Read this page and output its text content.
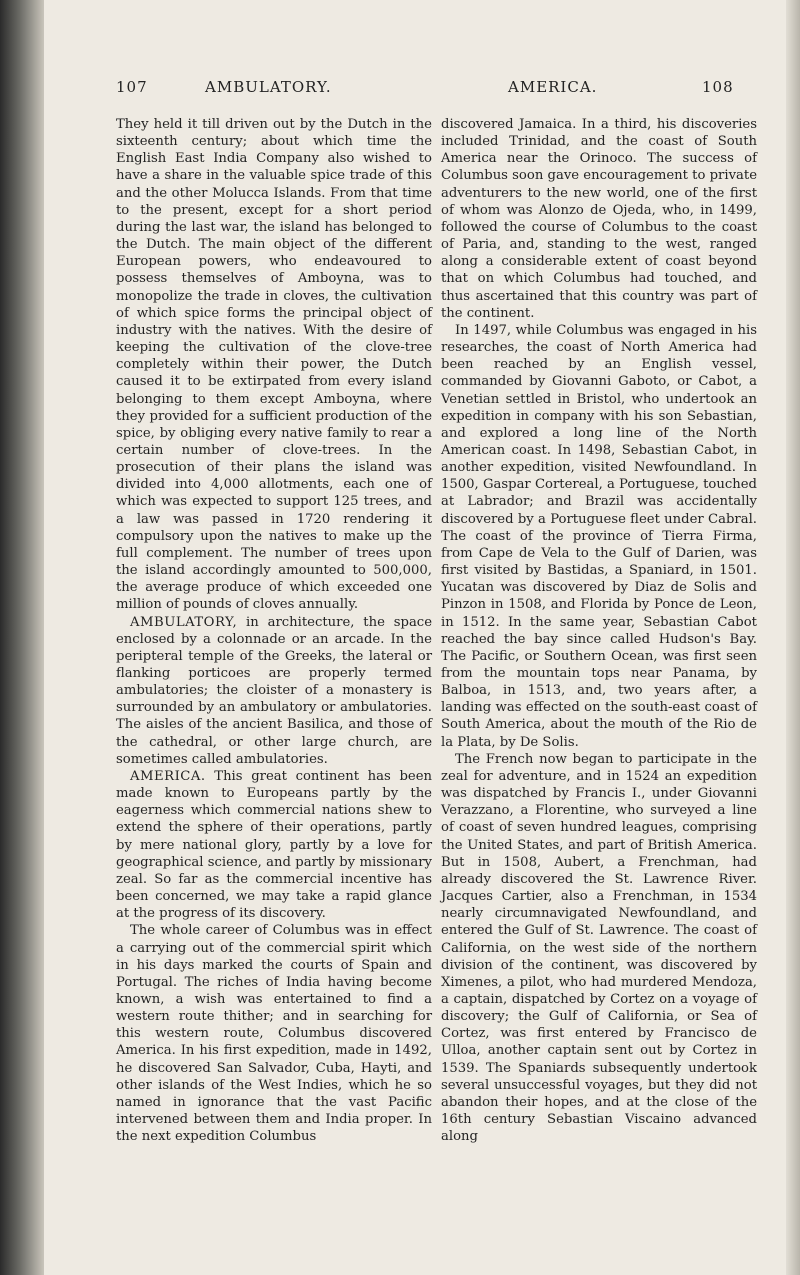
107	AMBULATORY.	AMERICA.	108

They held it till driven out by the Dutch in the sixteenth century; about which time the English East India Company also wished to have a share in the valuable spice trade of this and the other Molucca Islands. From that time to the present, except for a short period during the last war, the island has belonged to the Dutch. The main object of the different European powers, who endeavoured to possess themselves of Amboyna, was to monopolize the trade in cloves, the cultivation of which spice forms the principal object of industry with the natives. With the desire of keeping the cultivation of the clove-tree completely within their power, the Dutch caused it to be extirpated from every island belonging to them except Amboyna, where they provided for a sufficient production of the spice, by obliging every native family to rear a certain number of clove-trees. In the prosecution of their plans the island was divided into 4,000 allotments, each one of which was expected to support 125 trees, and a law was passed in 1720 rendering it compulsory upon the natives to make up the full complement. The number of trees upon the island accordingly amounted to 500,000, the average produce of which exceeded one million of pounds of cloves annually.

AMBULATORY, in architecture, the space enclosed by a colonnade or an arcade. In the peripteral temple of the Greeks, the lateral or flanking porticoes are properly termed ambulatories; the cloister of a monastery is surrounded by an ambulatory or ambulatories. The aisles of the ancient Basilica, and those of the cathedral, or other large church, are sometimes called ambulatories.

AMERICA. This great continent has been made known to Europeans partly by the eagerness which commercial nations shew to extend the sphere of their operations, partly by mere national glory, partly by a love for geographical science, and partly by missionary zeal. So far as the commercial incentive has been concerned, we may take a rapid glance at the progress of its discovery.

The whole career of Columbus was in effect a carrying out of the commercial spirit which in his days marked the courts of Spain and Portugal. The riches of India having become known, a wish was entertained to find a western route thither; and in searching for this western route, Columbus discovered America. In his first expedition, made in 1492, he discovered San Salvador, Cuba, Hayti, and other islands of the West Indies, which he so named in ignorance that the vast Pacific intervened between them and India proper. In the next expedition Columbus

discovered Jamaica. In a third, his discoveries included Trinidad, and the coast of South America near the Orinoco. The success of Columbus soon gave encouragement to private adventurers to the new world, one of the first of whom was Alonzo de Ojeda, who, in 1499, followed the course of Columbus to the coast of Paria, and, standing to the west, ranged along a considerable extent of coast beyond that on which Columbus had touched, and thus ascertained that this country was part of the continent.

In 1497, while Columbus was engaged in his researches, the coast of North America had been reached by an English vessel, commanded by Giovanni Gaboto, or Cabot, a Venetian settled in Bristol, who undertook an expedition in company with his son Sebastian, and explored a long line of the North American coast. In 1498, Sebastian Cabot, in another expedition, visited Newfoundland. In 1500, Gaspar Cortereal, a Portuguese, touched at Labrador; and Brazil was accidentally discovered by a Portuguese fleet under Cabral. The coast of the province of Tierra Firma, from Cape de Vela to the Gulf of Darien, was first visited by Bastidas, a Spaniard, in 1501. Yucatan was discovered by Diaz de Solis and Pinzon in 1508, and Florida by Ponce de Leon, in 1512. In the same year, Sebastian Cabot reached the bay since called Hudson's Bay. The Pacific, or Southern Ocean, was first seen from the mountain tops near Panama, by Balboa, in 1513, and, two years after, a landing was effected on the south-east coast of South America, about the mouth of the Rio de la Plata, by De Solis.

The French now began to participate in the zeal for adventure, and in 1524 an expedition was dispatched by Francis I., under Giovanni Verazzano, a Florentine, who surveyed a line of coast of seven hundred leagues, comprising the United States, and part of British America. But in 1508, Aubert, a Frenchman, had already discovered the St. Lawrence River. Jacques Cartier, also a Frenchman, in 1534 nearly circumnavigated Newfoundland, and entered the Gulf of St. Lawrence. The coast of California, on the west side of the northern division of the continent, was discovered by Ximenes, a pilot, who had murdered Mendoza, a captain, dispatched by Cortez on a voyage of discovery; the Gulf of California, or Sea of Cortez, was first entered by Francisco de Ulloa, another captain sent out by Cortez in 1539. The Spaniards subsequently undertook several unsuccessful voyages, but they did not abandon their hopes, and at the close of the 16th century Sebastian Viscaino advanced along
